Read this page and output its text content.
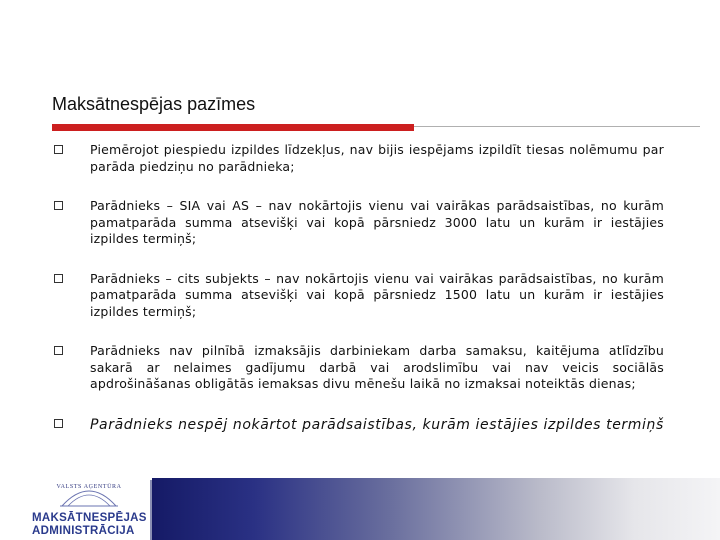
Maksātnespējas pazīmes
Piemērojot piespiedu izpildes līdzekļus, nav bijis iespējams izpildīt tiesas nolēmumu par parāda piedziņu no parādnieka;
Parādnieks – SIA vai AS – nav nokārtojis vienu vai vairākas parādsaistības, no kurām pamatparāda summa atsevišķi vai kopā pārsniedz 3000 latu un kurām ir iestājies izpildes termiņš;
Parādnieks – cits subjekts – nav nokārtojis vienu vai vairākas parādsaistības, no kurām pamatparāda summa atsevišķi vai kopā pārsniedz 1500 latu un kurām ir iestājies izpildes termiņš;
Parādnieks nav pilnībā izmaksājis darbiniekam darba samaksu, kaitējuma atlīdzību sakarā ar nelaimes gadījumu darbā vai arodslimību vai nav veicis sociālās apdrošināšanas obligātās iemaksas divu mēnešu laikā no izmaksai noteiktās dienas;
Parādnieks nespēj nokārtot parādsaistības, kurām iestājies izpildes termiņš
VALSTS AĢENTŪRA
MAKSĀTNESPĒJAS
ADMINISTRĀCIJA
